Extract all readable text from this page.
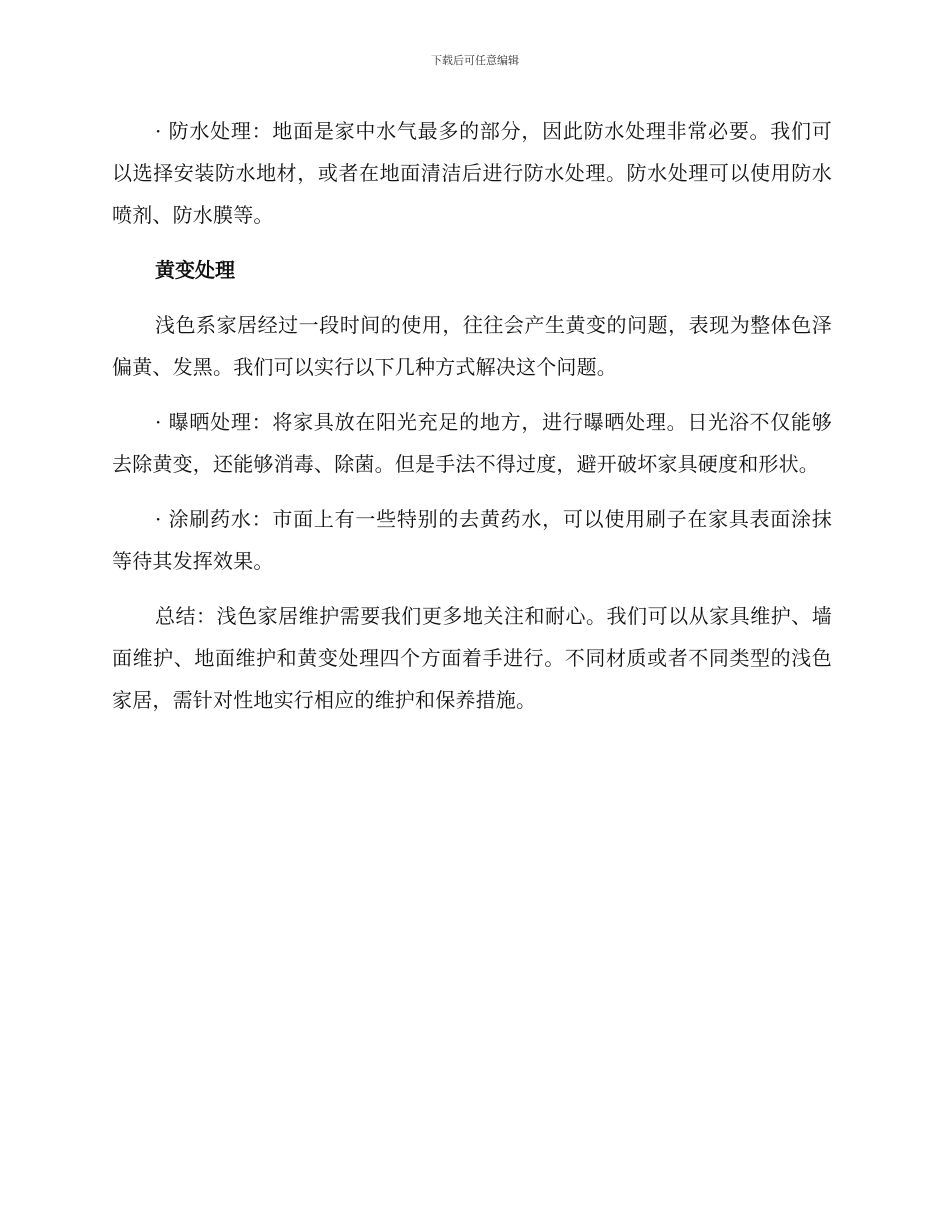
下载后可任意编辑

· 防水处理：地面是家中水气最多的部分，因此防水处理非常必要。我们可以选择安装防水地材，或者在地面清洁后进行防水处理。防水处理可以使用防水喷剂、防水膜等。

黄变处理

浅色系家居经过一段时间的使用，往往会产生黄变的问题，表现为整体色泽偏黄、发黑。我们可以实行以下几种方式解决这个问题。

· 曝晒处理：将家具放在阳光充足的地方，进行曝晒处理。日光浴不仅能够去除黄变，还能够消毒、除菌。但是手法不得过度，避开破坏家具硬度和形状。

· 涂刷药水：市面上有一些特别的去黄药水，可以使用刷子在家具表面涂抹等待其发挥效果。

总结：浅色家居维护需要我们更多地关注和耐心。我们可以从家具维护、墙面维护、地面维护和黄变处理四个方面着手进行。不同材质或者不同类型的浅色家居，需针对性地实行相应的维护和保养措施。
